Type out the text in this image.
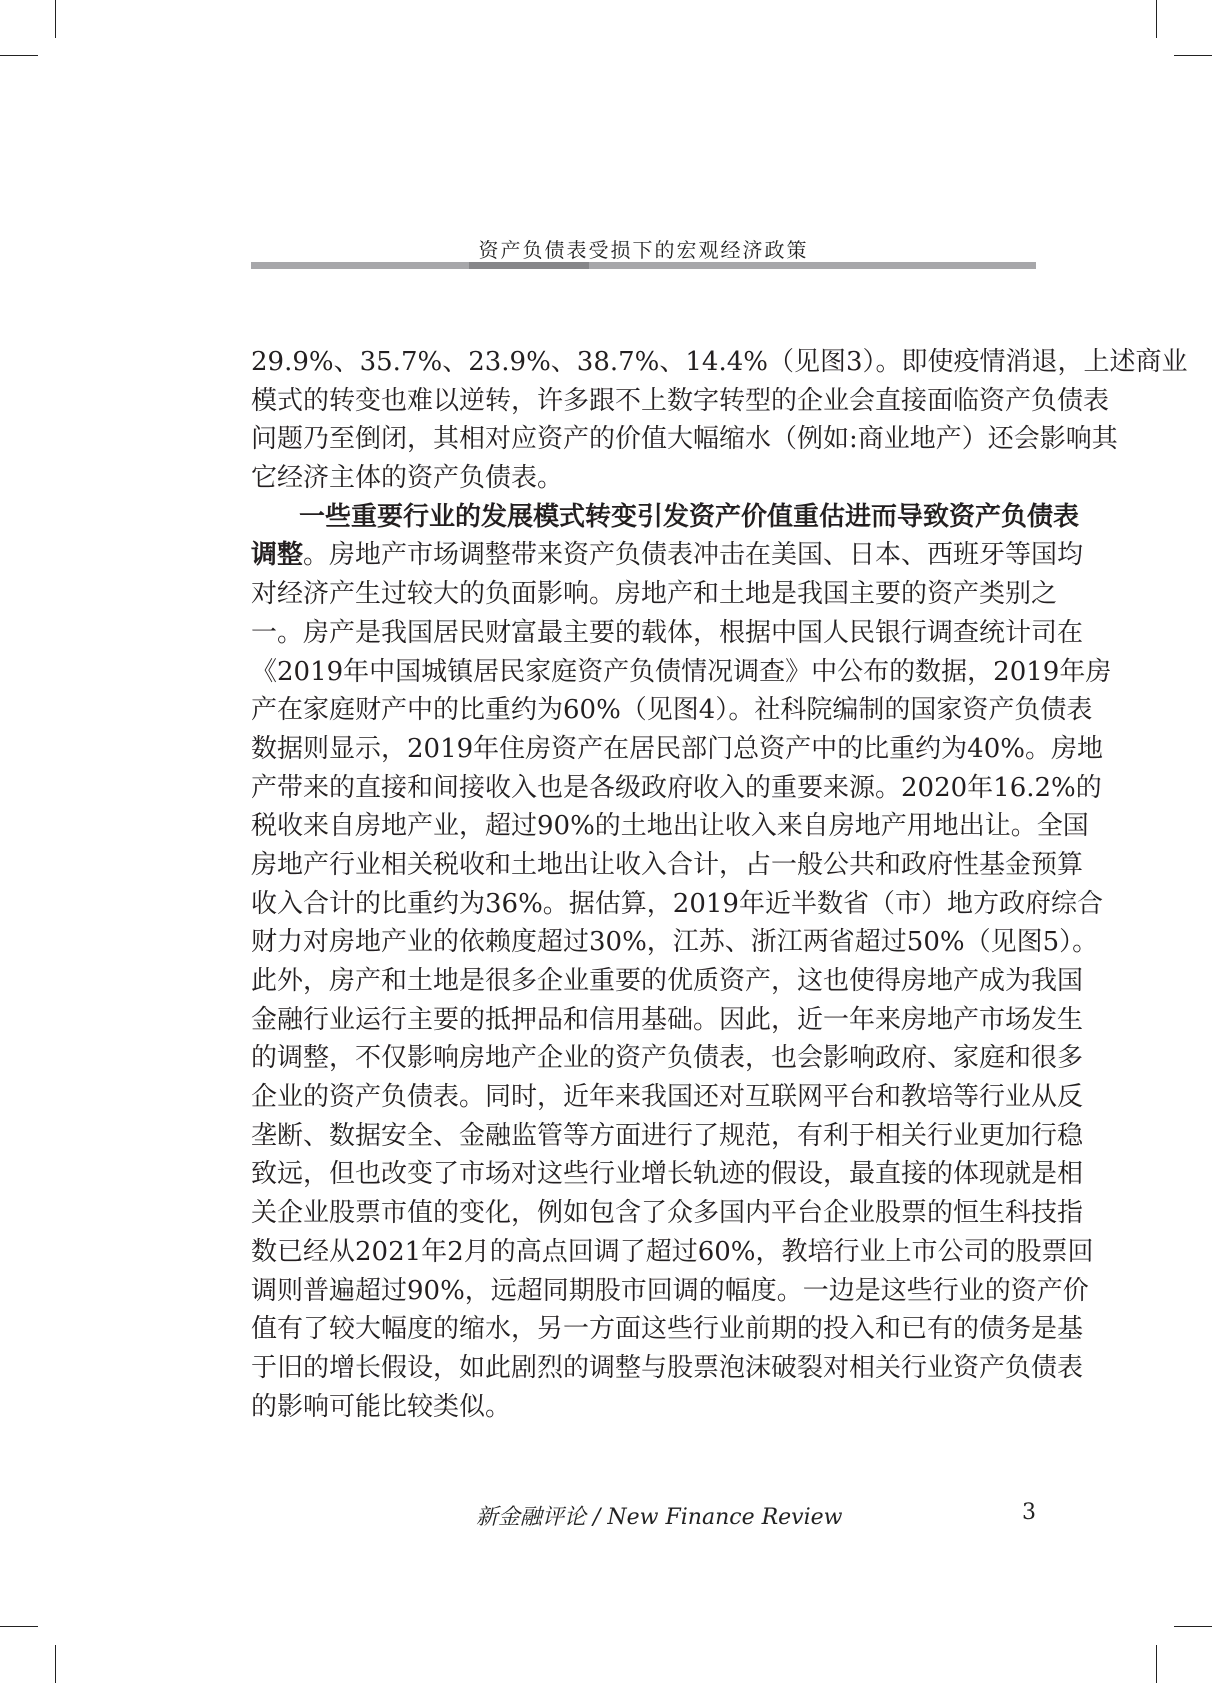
资产负债表受损下的宏观经济政策
29.9%、35.7%、23.9%、38.7%、14.4%（见图3）。即使疫情消退，上述商业
模式的转变也难以逆转，许多跟不上数字转型的企业会直接面临资产负债表
问题乃至倒闭，其相对应资产的价值大幅缩水（例如:商业地产）还会影响其
它经济主体的资产负债表。
一些重要行业的发展模式转变引发资产价值重估进而导致资产负债表
调整。房地产市场调整带来资产负债表冲击在美国、日本、西班牙等国均
对经济产生过较大的负面影响。房地产和土地是我国主要的资产类别之
一。房产是我国居民财富最主要的载体，根据中国人民银行调查统计司在
《2019年中国城镇居民家庭资产负债情况调查》中公布的数据，2019年房
产在家庭财产中的比重约为60%（见图4）。社科院编制的国家资产负债表
数据则显示，2019年住房资产在居民部门总资产中的比重约为40%。房地
产带来的直接和间接收入也是各级政府收入的重要来源。2020年16.2%的
税收来自房地产业，超过90%的土地出让收入来自房地产用地出让。全国
房地产行业相关税收和土地出让收入合计，占一般公共和政府性基金预算
收入合计的比重约为36%。据估算，2019年近半数省（市）地方政府综合
财力对房地产业的依赖度超过30%，江苏、浙江两省超过50%（见图5）。
此外，房产和土地是很多企业重要的优质资产，这也使得房地产成为我国
金融行业运行主要的抵押品和信用基础。因此，近一年来房地产市场发生
的调整，不仅影响房地产企业的资产负债表，也会影响政府、家庭和很多
企业的资产负债表。同时，近年来我国还对互联网平台和教培等行业从反
垄断、数据安全、金融监管等方面进行了规范，有利于相关行业更加行稳
致远，但也改变了市场对这些行业增长轨迹的假设，最直接的体现就是相
关企业股票市值的变化，例如包含了众多国内平台企业股票的恒生科技指
数已经从2021年2月的高点回调了超过60%，教培行业上市公司的股票回
调则普遍超过90%，远超同期股市回调的幅度。一边是这些行业的资产价
值有了较大幅度的缩水，另一方面这些行业前期的投入和已有的债务是基
于旧的增长假设，如此剧烈的调整与股票泡沫破裂对相关行业资产负债表
的影响可能比较类似。
新金融评论 / New Finance Review	3
